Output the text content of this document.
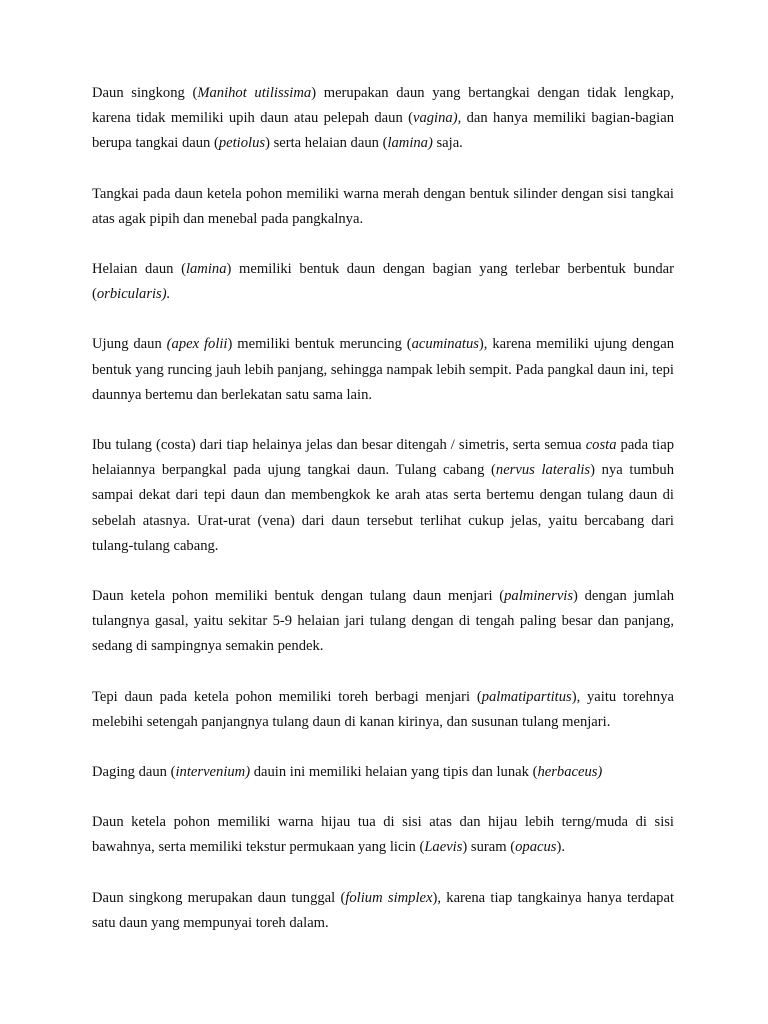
Daun singkong (Manihot utilissima) merupakan daun yang bertangkai dengan tidak lengkap, karena tidak memiliki upih daun atau pelepah daun (vagina), dan hanya memiliki bagian-bagian berupa tangkai daun (petiolus) serta helaian daun (lamina) saja.

Tangkai pada daun ketela pohon memiliki warna merah dengan bentuk silinder dengan sisi tangkai atas agak pipih dan menebal pada pangkalnya.

Helaian daun (lamina) memiliki bentuk daun dengan bagian yang terlebar berbentuk bundar (orbicularis).

Ujung daun (apex folii) memiliki bentuk meruncing (acuminatus), karena memiliki ujung dengan bentuk yang runcing jauh lebih panjang, sehingga nampak lebih sempit. Pada pangkal daun ini, tepi daunnya bertemu dan berlekatan satu sama lain.

Ibu tulang (costa) dari tiap helainya jelas dan besar ditengah / simetris, serta semua costa pada tiap helaiannya berpangkal pada ujung tangkai daun. Tulang cabang (nervus lateralis) nya tumbuh sampai dekat dari tepi daun dan membengkok ke arah atas serta bertemu dengan tulang daun di sebelah atasnya. Urat-urat (vena) dari daun tersebut terlihat cukup jelas, yaitu bercabang dari tulang-tulang cabang.

Daun ketela pohon memiliki bentuk dengan tulang daun menjari (palminervis) dengan jumlah tulangnya gasal, yaitu sekitar 5-9 helaian jari tulang dengan di tengah paling besar dan panjang, sedang di sampingnya semakin pendek.

Tepi daun pada ketela pohon memiliki toreh berbagi menjari (palmatipartitus), yaitu torehnya melebihi setengah panjangnya tulang daun di kanan kirinya, dan susunan tulang menjari.

Daging daun (intervenium) dauin ini memiliki helaian yang tipis dan lunak (herbaceus)

Daun ketela pohon memiliki warna hijau tua di sisi atas dan hijau lebih terng/muda di sisi bawahnya, serta memiliki tekstur permukaan yang licin (Laevis) suram (opacus).

Daun singkong merupakan daun tunggal (folium simplex), karena tiap tangkainya hanya terdapat satu daun yang mempunyai toreh dalam.
